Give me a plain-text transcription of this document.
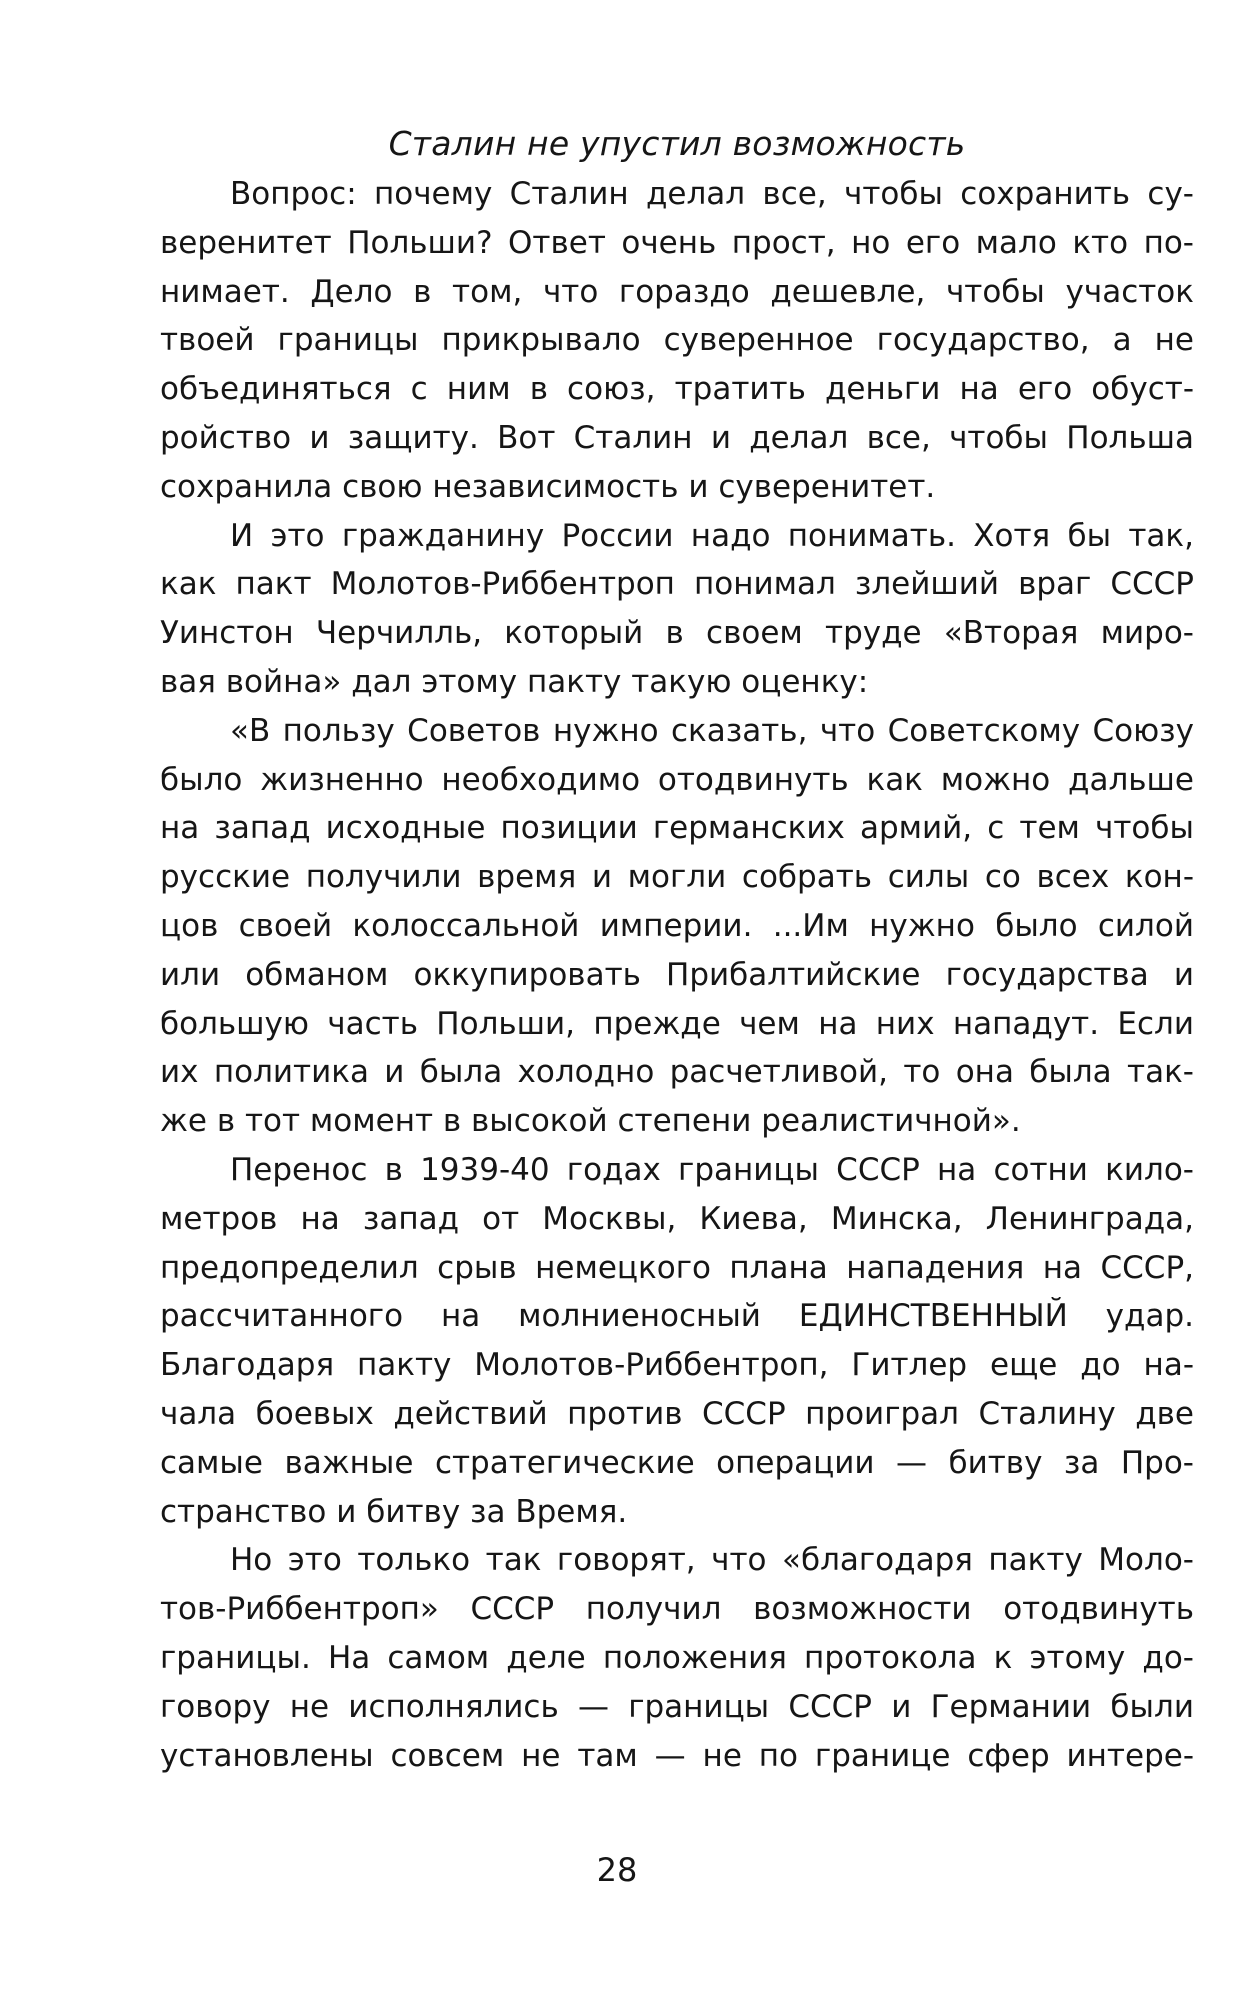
Сталин не упустил возможность

Вопрос: почему Сталин делал все, чтобы сохранить су-
веренитет Польши? Ответ очень прост, но его мало кто по-
нимает. Дело в том, что гораздо дешевле, чтобы участок
твоей границы прикрывало суверенное государство, а не
объединяться с ним в союз, тратить деньги на его обуст-
ройство и защиту. Вот Сталин и делал все, чтобы Польша
сохранила свою независимость и суверенитет.
И это гражданину России надо понимать. Хотя бы так,
как пакт Молотов-Риббентроп понимал злейший враг СССР
Уинстон Черчилль, который в своем труде «Вторая миро-
вая война» дал этому пакту такую оценку:
«В пользу Советов нужно сказать, что Советскому Союзу
было жизненно необходимо отодвинуть как можно дальше
на запад исходные позиции германских армий, с тем чтобы
русские получили время и могли собрать силы со всех кон-
цов своей колоссальной империи. ...Им нужно было силой
или обманом оккупировать Прибалтийские государства и
большую часть Польши, прежде чем на них нападут. Если
их политика и была холодно расчетливой, то она была так-
же в тот момент в высокой степени реалистичной».
Перенос в 1939-40 годах границы СССР на сотни кило-
метров на запад от Москвы, Киева, Минска, Ленинграда,
предопределил срыв немецкого плана нападения на СССР,
рассчитанного на молниеносный ЕДИНСТВЕННЫЙ удар.
Благодаря пакту Молотов-Риббентроп, Гитлер еще до на-
чала боевых действий против СССР проиграл Сталину две
самые важные стратегические операции — битву за Про-
странство и битву за Время.
Но это только так говорят, что «благодаря пакту Моло-
тов-Риббентроп» СССР получил возможности отодвинуть
границы. На самом деле положения протокола к этому до-
говору не исполнялись — границы СССР и Германии были
установлены совсем не там — не по границе сфер интере-

28
